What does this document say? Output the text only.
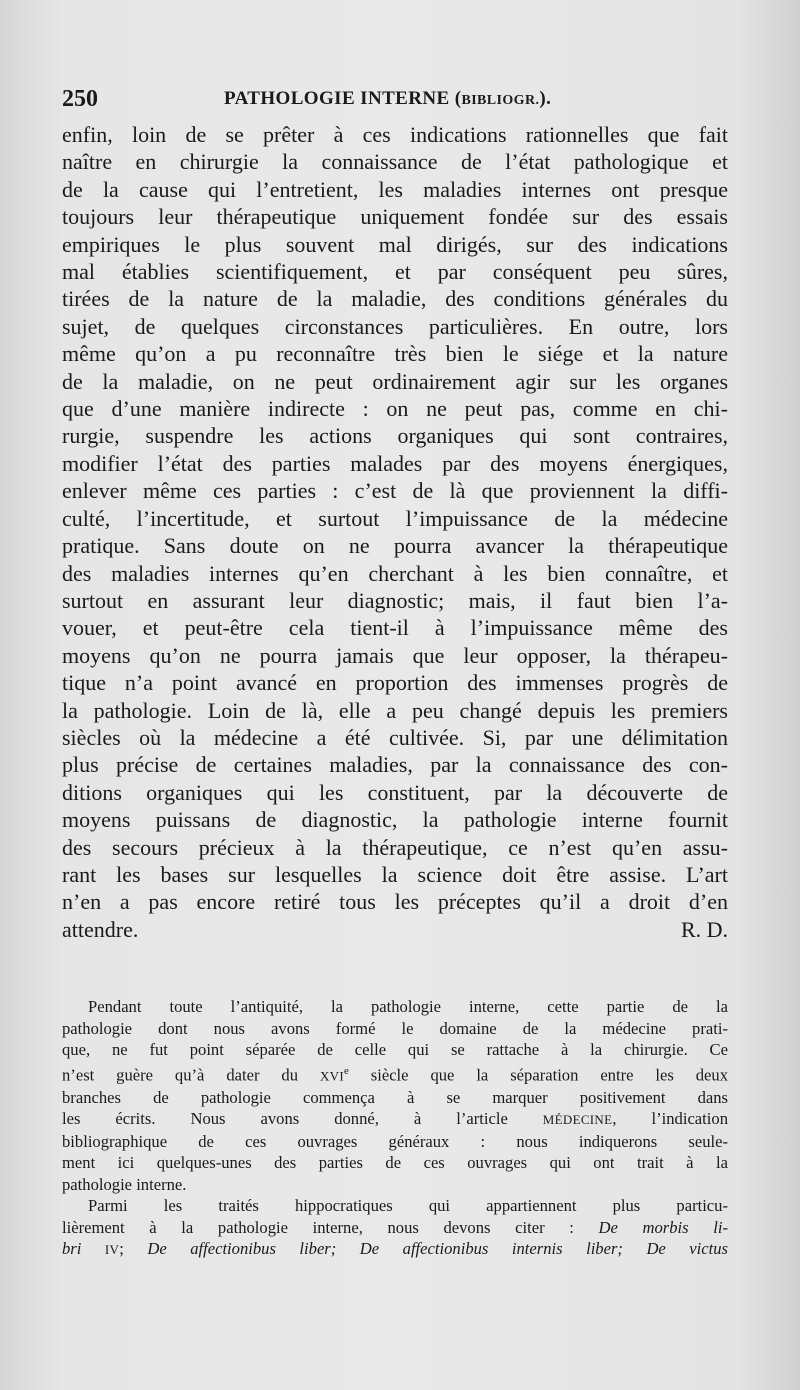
250	PATHOLOGIE INTERNE (BIBLIOGR.).
enfin, loin de se prêter à ces indications rationnelles que fait
naître en chirurgie la connaissance de l’état pathologique et
de la cause qui l’entretient, les maladies internes ont presque
toujours leur thérapeutique uniquement fondée sur des essais
empiriques le plus souvent mal dirigés, sur des indications
mal établies scientifiquement, et par conséquent peu sûres,
tirées de la nature de la maladie, des conditions générales du
sujet, de quelques circonstances particulières. En outre, lors
même qu’on a pu reconnaître très bien le siége et la nature
de la maladie, on ne peut ordinairement agir sur les organes
que d’une manière indirecte : on ne peut pas, comme en chi-
rurgie, suspendre les actions organiques qui sont contraires,
modifier l’état des parties malades par des moyens énergiques,
enlever même ces parties : c’est de là que proviennent la diffi-
culté, l’incertitude, et surtout l’impuissance de la médecine
pratique. Sans doute on ne pourra avancer la thérapeutique
des maladies internes qu’en cherchant à les bien connaître, et
surtout en assurant leur diagnostic; mais, il faut bien l’a-
vouer, et peut-être cela tient-il à l’impuissance même des
moyens qu’on ne pourra jamais que leur opposer, la thérapeu-
tique n’a point avancé en proportion des immenses progrès de
la pathologie. Loin de là, elle a peu changé depuis les premiers
siècles où la médecine a été cultivée. Si, par une délimitation
plus précise de certaines maladies, par la connaissance des con-
ditions organiques qui les constituent, par la découverte de
moyens puissans de diagnostic, la pathologie interne fournit
des secours précieux à la thérapeutique, ce n’est qu’en assu-
rant les bases sur lesquelles la science doit être assise. L’art
n’en a pas encore retiré tous les préceptes qu’il a droit d’en
attendre.	R. D.
Pendant toute l’antiquité, la pathologie interne, cette partie de la
pathologie dont nous avons formé le domaine de la médecine prati-
que, ne fut point séparée de celle qui se rattache à la chirurgie. Ce
n’est guère qu’à dater du XVIe siècle que la séparation entre les deux
branches de pathologie commença à se marquer positivement dans
les écrits. Nous avons donné, à l’article MÉDECINE, l’indication
bibliographique de ces ouvrages généraux : nous indiquerons seule-
ment ici quelques-unes des parties de ces ouvrages qui ont trait à la
pathologie interne.
Parmi les traités hippocratiques qui appartiennent plus particu-
lièrement à la pathologie interne, nous devons citer : De morbis li-
bri IV; De affectionibus liber; De affectionibus internis liber; De victus
